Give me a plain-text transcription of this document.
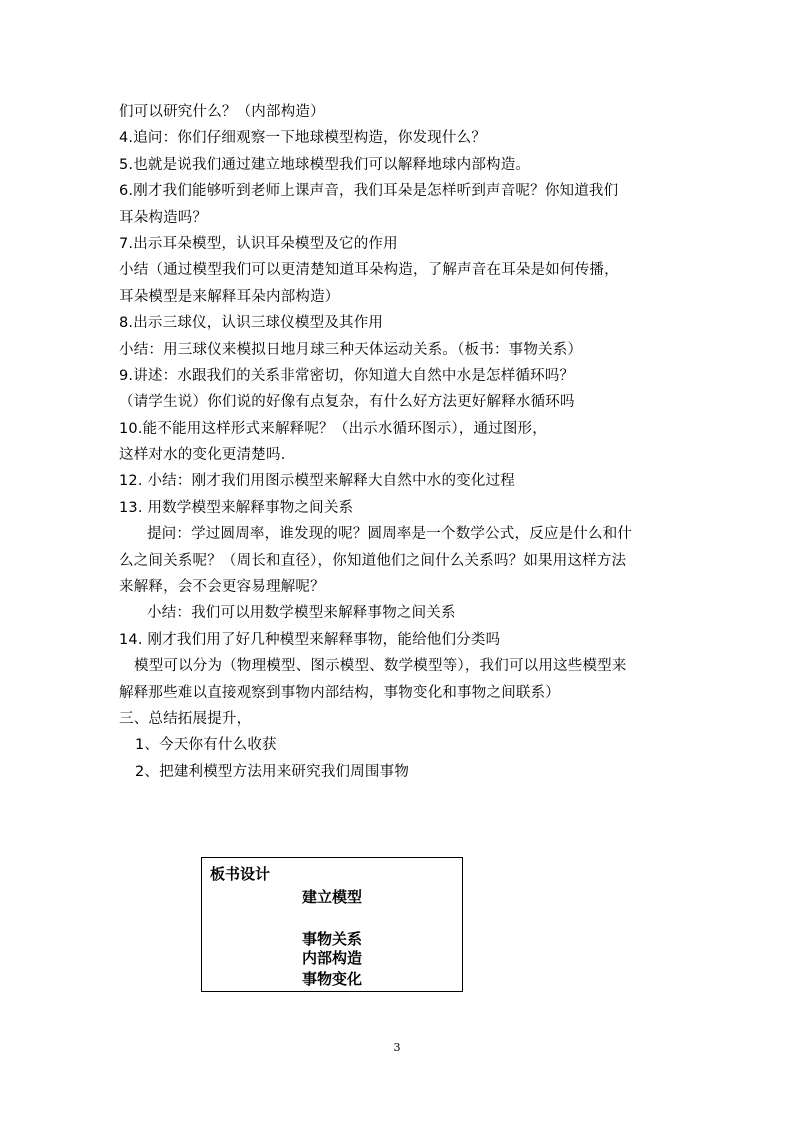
们可以研究什么？（内部构造）
4.追问：你们仔细观察一下地球模型构造，你发现什么？
5.也就是说我们通过建立地球模型我们可以解释地球内部构造。
6.刚才我们能够听到老师上课声音，我们耳朵是怎样听到声音呢？你知道我们
耳朵构造吗？
7.出示耳朵模型，认识耳朵模型及它的作用
小结（通过模型我们可以更清楚知道耳朵构造，了解声音在耳朵是如何传播，
耳朵模型是来解释耳朵内部构造）
8.出示三球仪，认识三球仪模型及其作用
小结：用三球仪来模拟日地月球三种天体运动关系。（板书：事物关系）
9.讲述：水跟我们的关系非常密切，你知道大自然中水是怎样循环吗？
（请学生说）你们说的好像有点复杂，有什么好方法更好解释水循环吗
10.能不能用这样形式来解释呢？（出示水循环图示），通过图形，
这样对水的变化更清楚吗.
12. 小结：刚才我们用图示模型来解释大自然中水的变化过程
13. 用数学模型来解释事物之间关系
提问：学过圆周率，谁发现的呢？圆周率是一个数学公式，反应是什么和什
么之间关系呢？（周长和直径），你知道他们之间什么关系吗？如果用这样方法
来解释，会不会更容易理解呢？
小结：我们可以用数学模型来解释事物之间关系
14. 刚才我们用了好几种模型来解释事物，能给他们分类吗
模型可以分为（物理模型、图示模型、数学模型等），我们可以用这些模型来
解释那些难以直接观察到事物内部结构，事物变化和事物之间联系）
三、总结拓展提升，
1、今天你有什么收获
2、把建利模型方法用来研究我们周围事物
板书设计
建立模型
事物关系
内部构造
事物变化
3
